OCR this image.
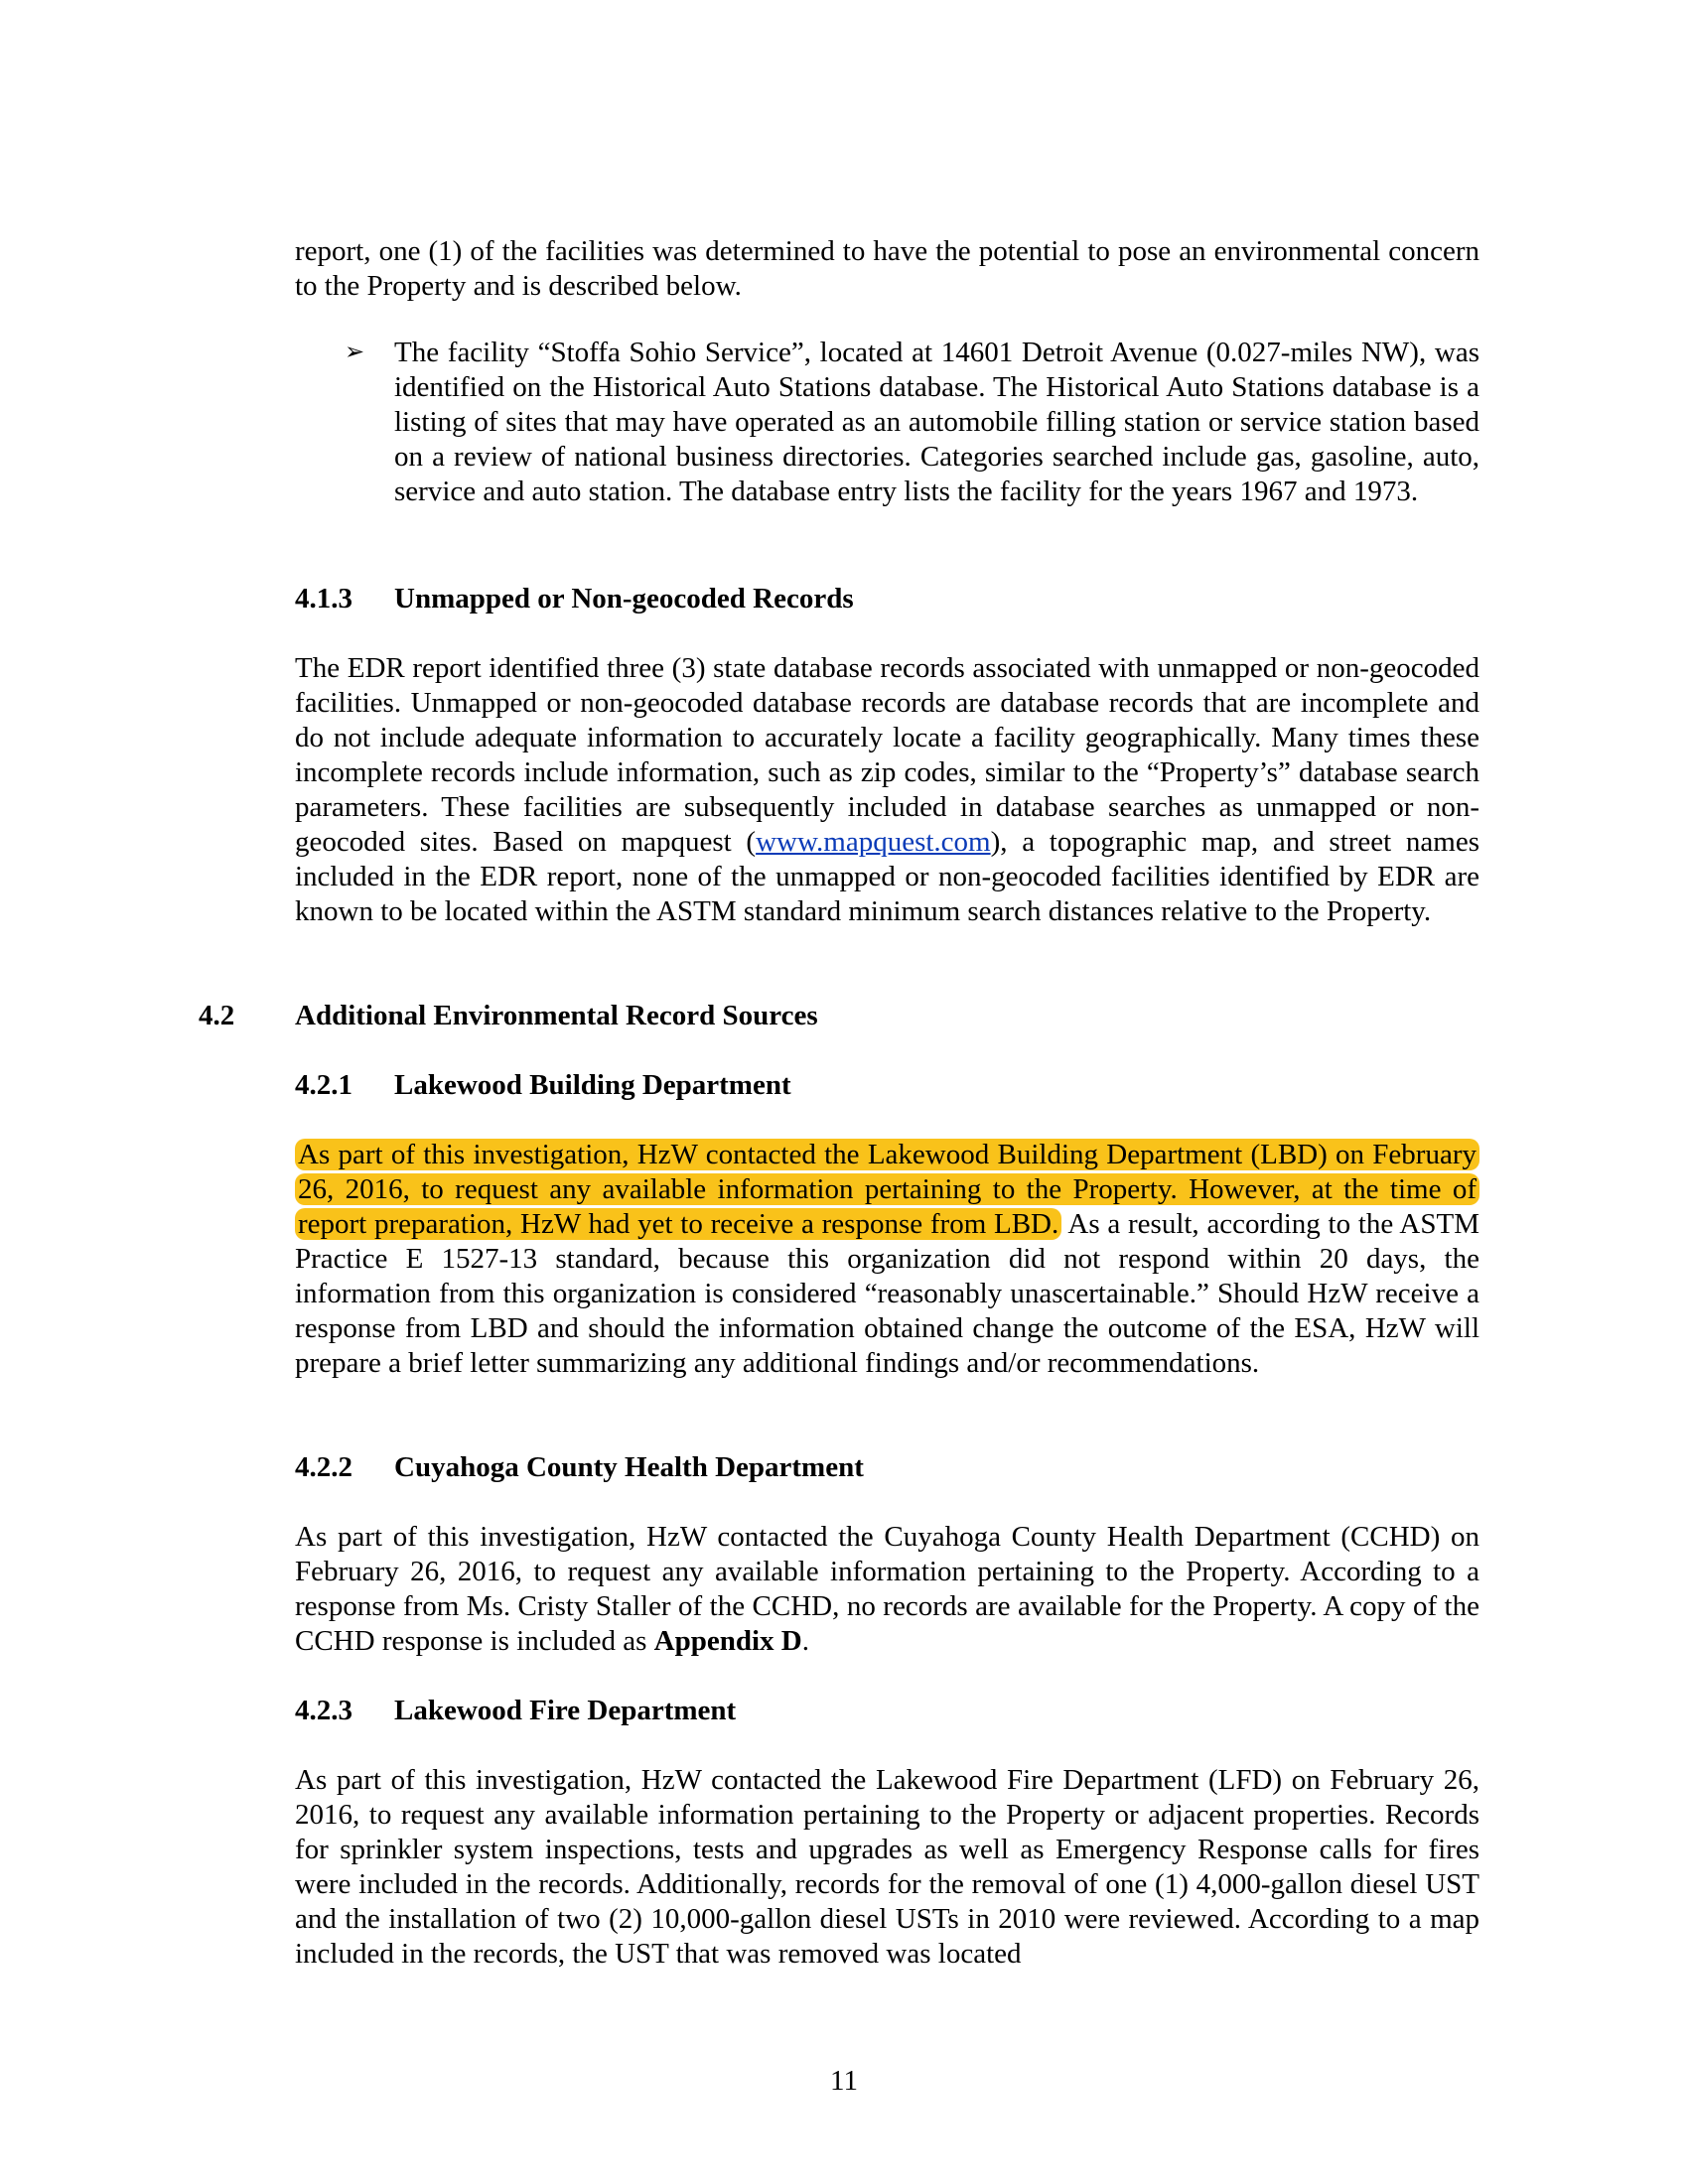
report, one (1) of the facilities was determined to have the potential to pose an environmental concern to the Property and is described below.

➢ The facility “Stoffa Sohio Service”, located at 14601 Detroit Avenue (0.027-miles NW), was identified on the Historical Auto Stations database. The Historical Auto Stations database is a listing of sites that may have operated as an automobile filling station or service station based on a review of national business directories. Categories searched include gas, gasoline, auto, service and auto station. The database entry lists the facility for the years 1967 and 1973.

4.1.3 Unmapped or Non-geocoded Records

The EDR report identified three (3) state database records associated with unmapped or non-geocoded facilities. Unmapped or non-geocoded database records are database records that are incomplete and do not include adequate information to accurately locate a facility geographically. Many times these incomplete records include information, such as zip codes, similar to the “Property’s” database search parameters. These facilities are subsequently included in database searches as unmapped or non-geocoded sites. Based on mapquest (www.mapquest.com), a topographic map, and street names included in the EDR report, none of the unmapped or non-geocoded facilities identified by EDR are known to be located within the ASTM standard minimum search distances relative to the Property.

4.2 Additional Environmental Record Sources
4.2.1 Lakewood Building Department

As part of this investigation, HzW contacted the Lakewood Building Department (LBD) on February 26, 2016, to request any available information pertaining to the Property. However, at the time of report preparation, HzW had yet to receive a response from LBD. As a result, according to the ASTM Practice E 1527-13 standard, because this organization did not respond within 20 days, the information from this organization is considered “reasonably unascertainable.” Should HzW receive a response from LBD and should the information obtained change the outcome of the ESA, HzW will prepare a brief letter summarizing any additional findings and/or recommendations.

4.2.2 Cuyahoga County Health Department

As part of this investigation, HzW contacted the Cuyahoga County Health Department (CCHD) on February 26, 2016, to request any available information pertaining to the Property. According to a response from Ms. Cristy Staller of the CCHD, no records are available for the Property. A copy of the CCHD response is included as Appendix D.

4.2.3 Lakewood Fire Department

As part of this investigation, HzW contacted the Lakewood Fire Department (LFD) on February 26, 2016, to request any available information pertaining to the Property or adjacent properties. Records for sprinkler system inspections, tests and upgrades as well as Emergency Response calls for fires were included in the records. Additionally, records for the removal of one (1) 4,000-gallon diesel UST and the installation of two (2) 10,000-gallon diesel USTs in 2010 were reviewed. According to a map included in the records, the UST that was removed was located

11
